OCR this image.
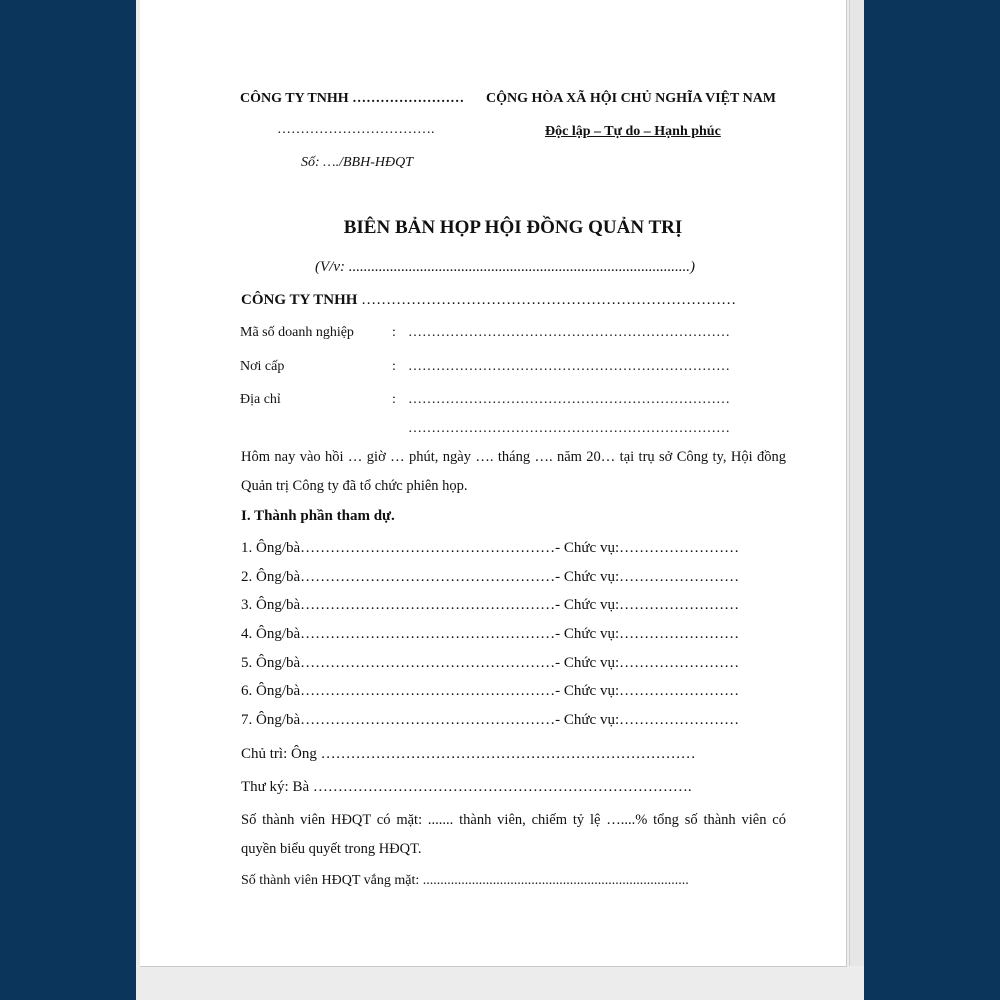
CÔNG TY TNHH …………………… CỘNG HÒA XÃ HỘI CHỦ NGHĨA VIỆT NAM
…………………………….	Độc lập – Tự do – Hạnh phúc
Số: …./BBH-HĐQT
BIÊN BẢN HỌP HỘI ĐỒNG QUẢN TRỊ
(V/v: ...........................................................................................)
CÔNG TY TNHH …………………………………………………………………
Mã số doanh nghiệp	: ……………………………………………………………
Nơi cấp	: ……………………………………………………………
Địa chỉ	: ……………………………………………………………
……………………………………………………………
Hôm nay vào hồi … giờ … phút, ngày …. tháng …. năm 20… tại trụ sở Công ty, Hội đồng Quản trị Công ty đã tổ chức phiên họp.
I. Thành phần tham dự.
1. Ông/bà……………………………………………- Chức vụ:……………………
2. Ông/bà……………………………………………- Chức vụ:……………………
3. Ông/bà……………………………………………- Chức vụ:……………………
4. Ông/bà……………………………………………- Chức vụ:……………………
5. Ông/bà……………………………………………- Chức vụ:……………………
6. Ông/bà……………………………………………- Chức vụ:……………………
7. Ông/bà……………………………………………- Chức vụ:……………………
Chủ trì: Ông …………………………………………………………………
Thư ký: Bà ………………………………………………………………….
Số thành viên HĐQT có mặt: ....... thành viên, chiếm tỷ lệ …....% tổng số thành viên có quyền biểu quyết trong HĐQT.
Số thành viên HĐQT vắng mặt: ............................................................................
